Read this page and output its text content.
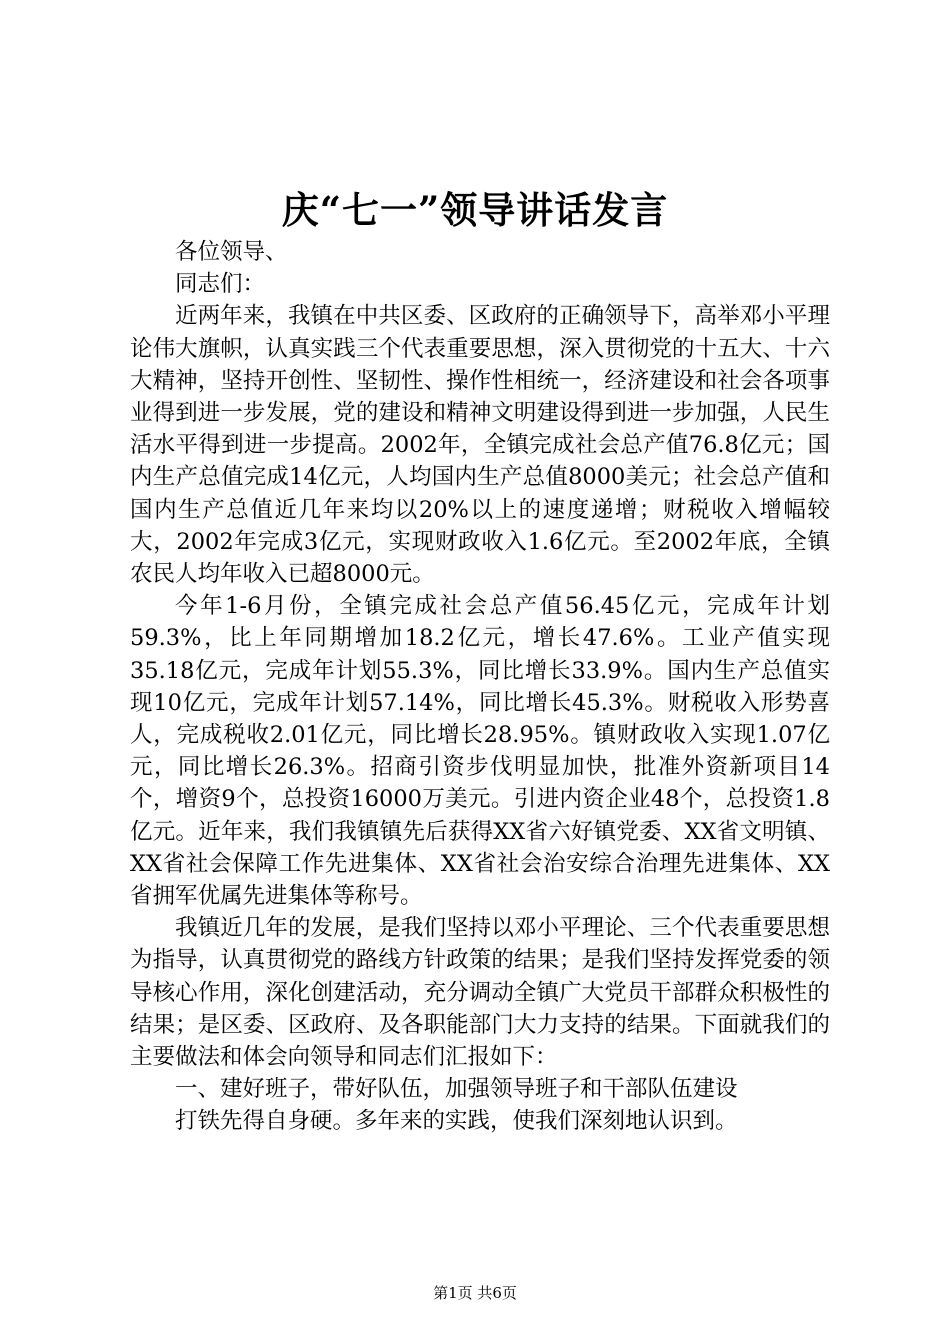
庆“七一”领导讲话发言

各位领导、

同志们：

近两年来，我镇在中共区委、区政府的正确领导下，高举邓小平理论伟大旗帜，认真实践三个代表重要思想，深入贯彻党的十五大、十六大精神，坚持开创性、坚韧性、操作性相统一，经济建设和社会各项事业得到进一步发展，党的建设和精神文明建设得到进一步加强，人民生活水平得到进一步提高。2002年，全镇完成社会总产值76.8亿元；国内生产总值完成14亿元，人均国内生产总值8000美元；社会总产值和国内生产总值近几年来均以20%以上的速度递增；财税收入增幅较大，2002年完成3亿元，实现财政收入1.6亿元。至2002年底，全镇农民人均年收入已超8000元。

今年1-6月份，全镇完成社会总产值56.45亿元，完成年计划59.3%，比上年同期增加18.2亿元，增长47.6%。工业产值实现35.18亿元，完成年计划55.3%，同比增长33.9%。国内生产总值实现10亿元，完成年计划57.14%，同比增长45.3%。财税收入形势喜人，完成税收2.01亿元，同比增长28.95%。镇财政收入实现1.07亿元，同比增长26.3%。招商引资步伐明显加快，批准外资新项目14个，增资9个，总投资16000万美元。引进内资企业48个，总投资1.8亿元。近年来，我们我镇镇先后获得XX省六好镇党委、XX省文明镇、XX省社会保障工作先进集体、XX省社会治安综合治理先进集体、XX省拥军优属先进集体等称号。

我镇近几年的发展，是我们坚持以邓小平理论、三个代表重要思想为指导，认真贯彻党的路线方针政策的结果；是我们坚持发挥党委的领导核心作用，深化创建活动，充分调动全镇广大党员干部群众积极性的结果；是区委、区政府、及各职能部门大力支持的结果。下面就我们的主要做法和体会向领导和同志们汇报如下：

一、建好班子，带好队伍，加强领导班子和干部队伍建设

打铁先得自身硬。多年来的实践，使我们深刻地认识到。

第1页 共6页
